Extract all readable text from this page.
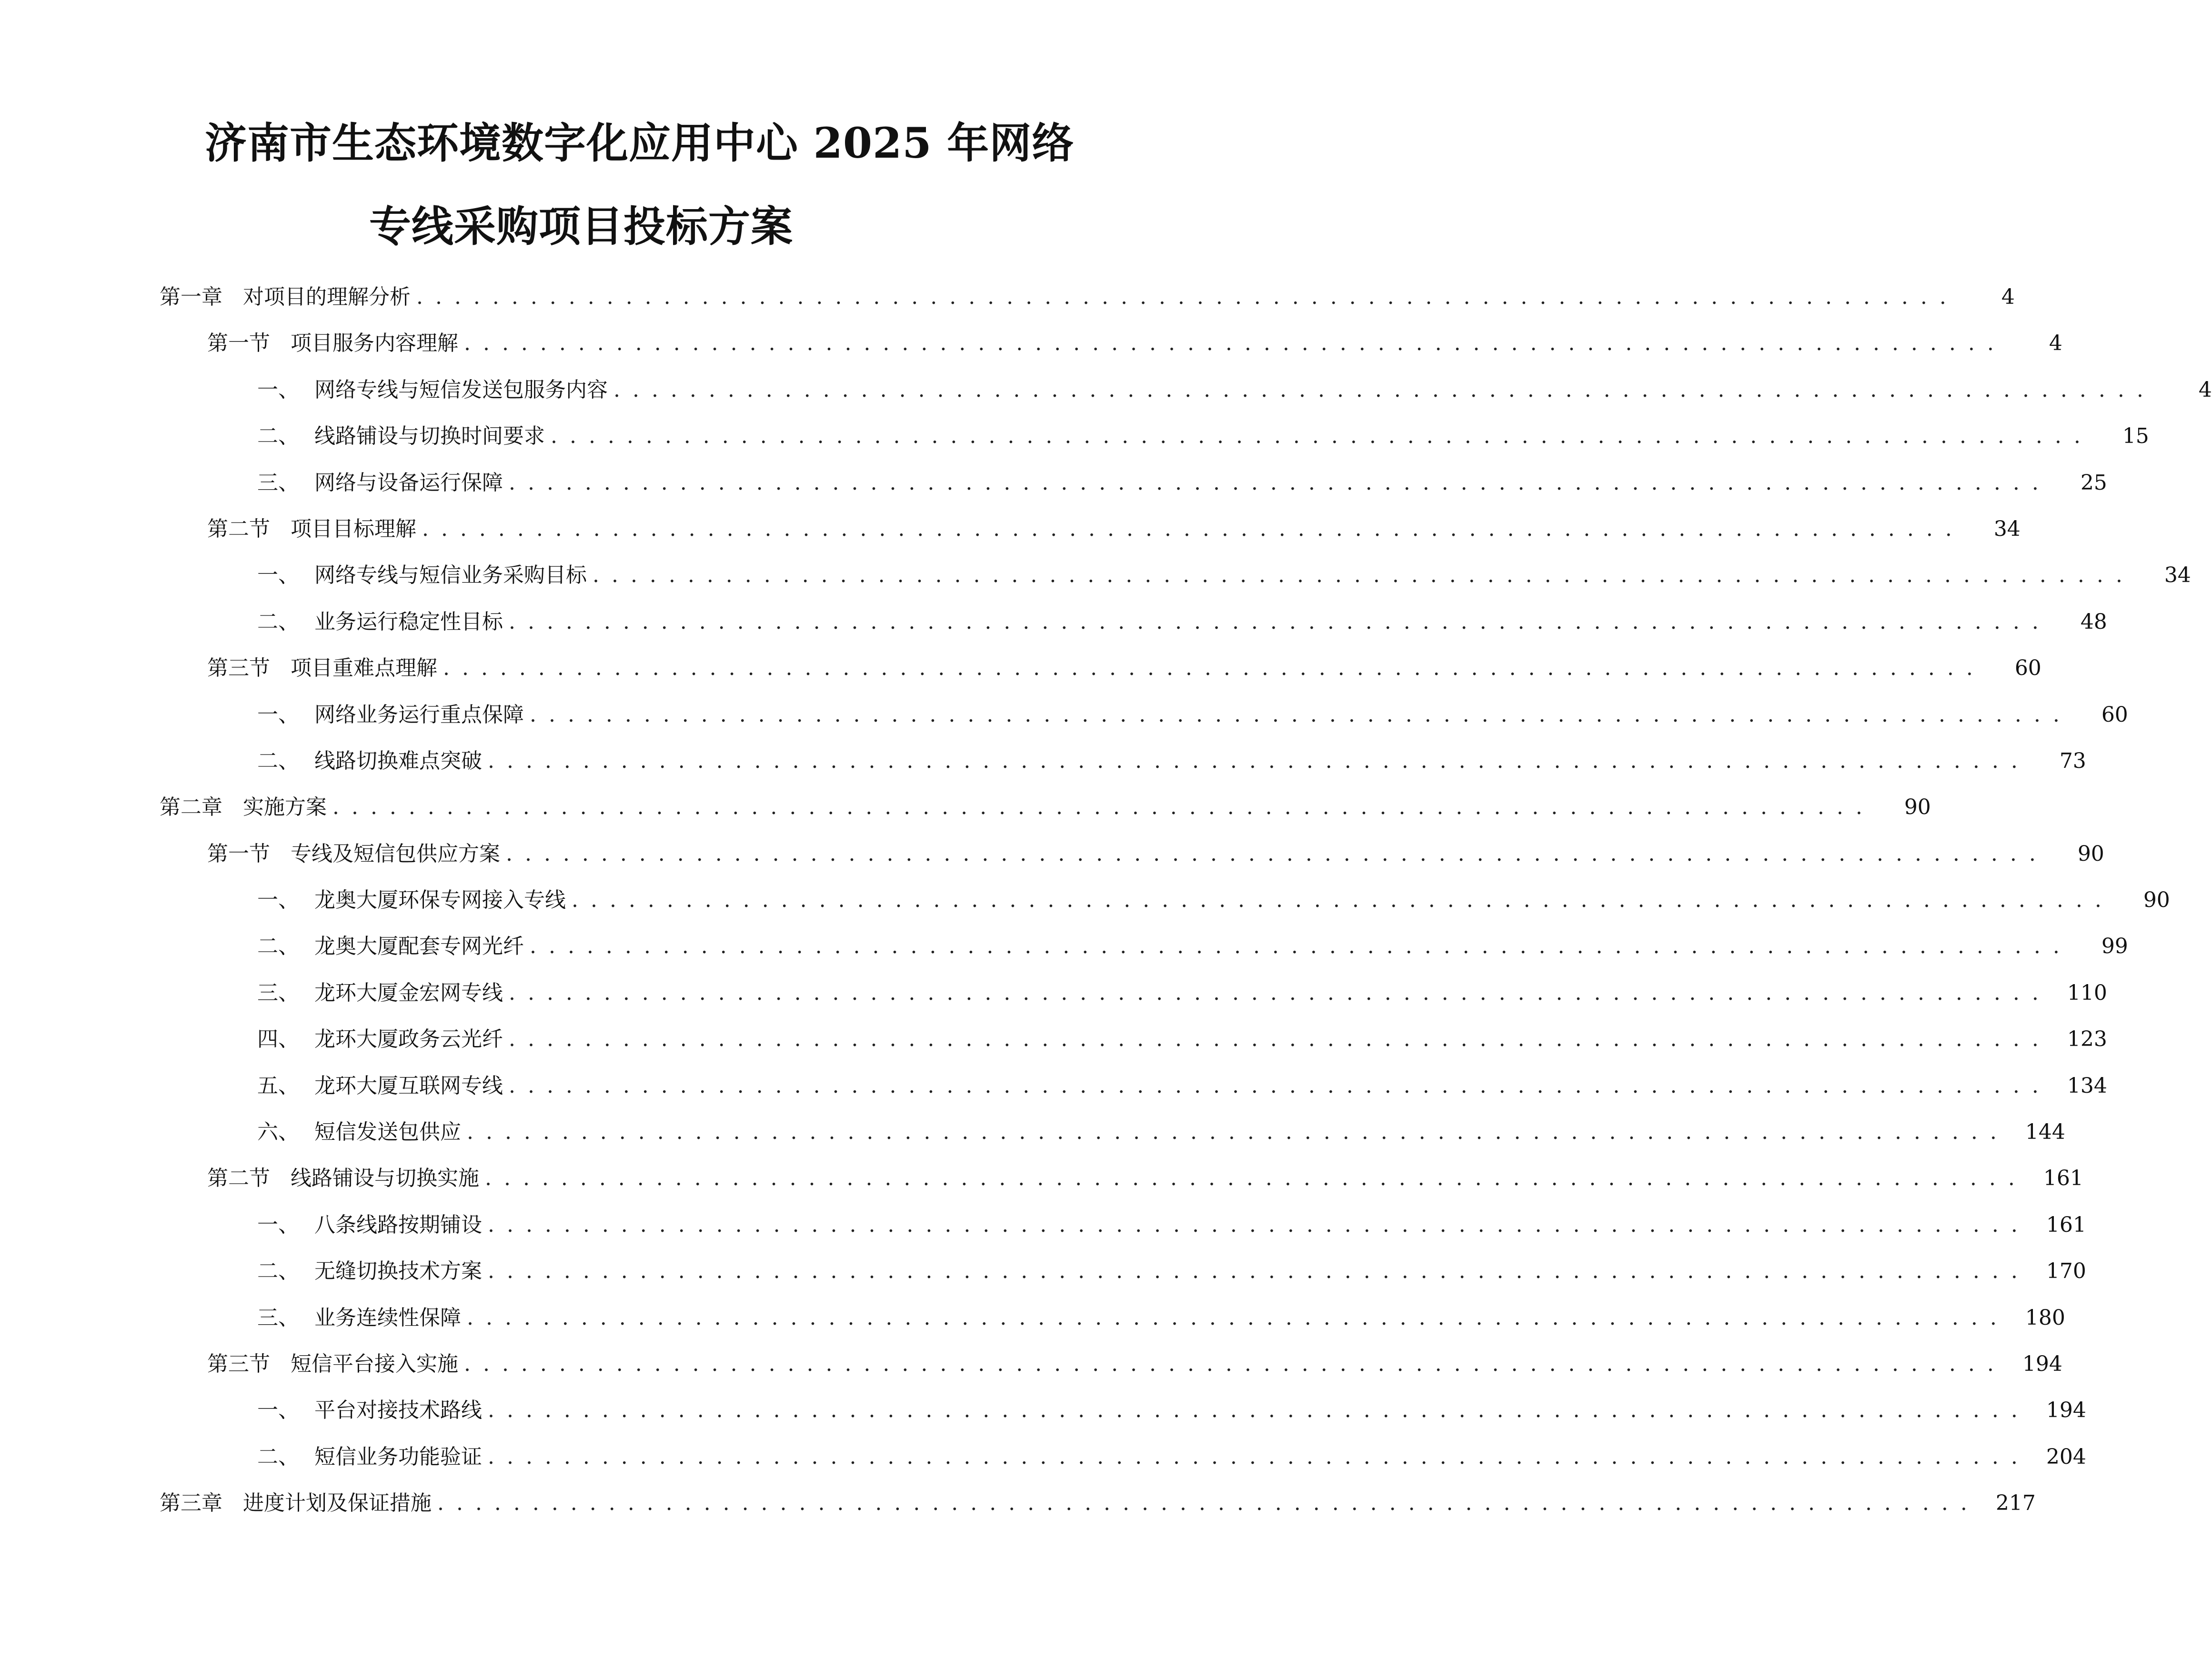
济南市生态环境数字化应用中心 2025 年网络
专线采购项目投标方案
第一章 对项目的理解分析 . . . . . . . . . . . . . . . . . . . . . . . . . . . . . . . . . . . . . . . . . . . . . . . . . . . . . . . . . . . . . . . . . . . . . . . . . . . . . . . . .	4
第一节 项目服务内容理解 . . . . . . . . . . . . . . . . . . . . . . . . . . . . . . . . . . . . . . . . . . . . . . . . . . . . . . . . . . . . . . . . . . . . . . . . . . . . . . . . .	4
一、 网络专线与短信发送包服务内容 . . . . . . . . . . . . . . . . . . . . . . . . . . . . . . . . . . . . . . . . . . . . . . . . . . . . . . . . . . . . . . . . . . . . . . . . . . . . . . . . .	4
二、 线路铺设与切换时间要求 . . . . . . . . . . . . . . . . . . . . . . . . . . . . . . . . . . . . . . . . . . . . . . . . . . . . . . . . . . . . . . . . . . . . . . . . . . . . . . . . .	15
三、 网络与设备运行保障 . . . . . . . . . . . . . . . . . . . . . . . . . . . . . . . . . . . . . . . . . . . . . . . . . . . . . . . . . . . . . . . . . . . . . . . . . . . . . . . . .	25
第二节 项目目标理解 . . . . . . . . . . . . . . . . . . . . . . . . . . . . . . . . . . . . . . . . . . . . . . . . . . . . . . . . . . . . . . . . . . . . . . . . . . . . . . . . .	34
一、 网络专线与短信业务采购目标 . . . . . . . . . . . . . . . . . . . . . . . . . . . . . . . . . . . . . . . . . . . . . . . . . . . . . . . . . . . . . . . . . . . . . . . . . . . . . . . . .	34
二、 业务运行稳定性目标 . . . . . . . . . . . . . . . . . . . . . . . . . . . . . . . . . . . . . . . . . . . . . . . . . . . . . . . . . . . . . . . . . . . . . . . . . . . . . . . . .	48
第三节 项目重难点理解 . . . . . . . . . . . . . . . . . . . . . . . . . . . . . . . . . . . . . . . . . . . . . . . . . . . . . . . . . . . . . . . . . . . . . . . . . . . . . . . . .	60
一、 网络业务运行重点保障 . . . . . . . . . . . . . . . . . . . . . . . . . . . . . . . . . . . . . . . . . . . . . . . . . . . . . . . . . . . . . . . . . . . . . . . . . . . . . . . . .	60
二、 线路切换难点突破 . . . . . . . . . . . . . . . . . . . . . . . . . . . . . . . . . . . . . . . . . . . . . . . . . . . . . . . . . . . . . . . . . . . . . . . . . . . . . . . . .	73
第二章 实施方案 . . . . . . . . . . . . . . . . . . . . . . . . . . . . . . . . . . . . . . . . . . . . . . . . . . . . . . . . . . . . . . . . . . . . . . . . . . . . . . . . .	90
第一节 专线及短信包供应方案 . . . . . . . . . . . . . . . . . . . . . . . . . . . . . . . . . . . . . . . . . . . . . . . . . . . . . . . . . . . . . . . . . . . . . . . . . . . . . . . . .	90
一、 龙奥大厦环保专网接入专线 . . . . . . . . . . . . . . . . . . . . . . . . . . . . . . . . . . . . . . . . . . . . . . . . . . . . . . . . . . . . . . . . . . . . . . . . . . . . . . . . .	90
二、 龙奥大厦配套专网光纤 . . . . . . . . . . . . . . . . . . . . . . . . . . . . . . . . . . . . . . . . . . . . . . . . . . . . . . . . . . . . . . . . . . . . . . . . . . . . . . . . .	99
三、 龙环大厦金宏网专线 . . . . . . . . . . . . . . . . . . . . . . . . . . . . . . . . . . . . . . . . . . . . . . . . . . . . . . . . . . . . . . . . . . . . . . . . . . . . . . . . .	110
四、 龙环大厦政务云光纤 . . . . . . . . . . . . . . . . . . . . . . . . . . . . . . . . . . . . . . . . . . . . . . . . . . . . . . . . . . . . . . . . . . . . . . . . . . . . . . . . .	123
五、 龙环大厦互联网专线 . . . . . . . . . . . . . . . . . . . . . . . . . . . . . . . . . . . . . . . . . . . . . . . . . . . . . . . . . . . . . . . . . . . . . . . . . . . . . . . . .	134
六、 短信发送包供应 . . . . . . . . . . . . . . . . . . . . . . . . . . . . . . . . . . . . . . . . . . . . . . . . . . . . . . . . . . . . . . . . . . . . . . . . . . . . . . . . .	144
第二节 线路铺设与切换实施 . . . . . . . . . . . . . . . . . . . . . . . . . . . . . . . . . . . . . . . . . . . . . . . . . . . . . . . . . . . . . . . . . . . . . . . . . . . . . . . . .	161
一、 八条线路按期铺设 . . . . . . . . . . . . . . . . . . . . . . . . . . . . . . . . . . . . . . . . . . . . . . . . . . . . . . . . . . . . . . . . . . . . . . . . . . . . . . . . .	161
二、 无缝切换技术方案 . . . . . . . . . . . . . . . . . . . . . . . . . . . . . . . . . . . . . . . . . . . . . . . . . . . . . . . . . . . . . . . . . . . . . . . . . . . . . . . . .	170
三、 业务连续性保障 . . . . . . . . . . . . . . . . . . . . . . . . . . . . . . . . . . . . . . . . . . . . . . . . . . . . . . . . . . . . . . . . . . . . . . . . . . . . . . . . .	180
第三节 短信平台接入实施 . . . . . . . . . . . . . . . . . . . . . . . . . . . . . . . . . . . . . . . . . . . . . . . . . . . . . . . . . . . . . . . . . . . . . . . . . . . . . . . . .	194
一、 平台对接技术路线 . . . . . . . . . . . . . . . . . . . . . . . . . . . . . . . . . . . . . . . . . . . . . . . . . . . . . . . . . . . . . . . . . . . . . . . . . . . . . . . . .	194
二、 短信业务功能验证 . . . . . . . . . . . . . . . . . . . . . . . . . . . . . . . . . . . . . . . . . . . . . . . . . . . . . . . . . . . . . . . . . . . . . . . . . . . . . . . . .	204
第三章 进度计划及保证措施 . . . . . . . . . . . . . . . . . . . . . . . . . . . . . . . . . . . . . . . . . . . . . . . . . . . . . . . . . . . . . . . . . . . . . . . . . . . . . . . . .	217
